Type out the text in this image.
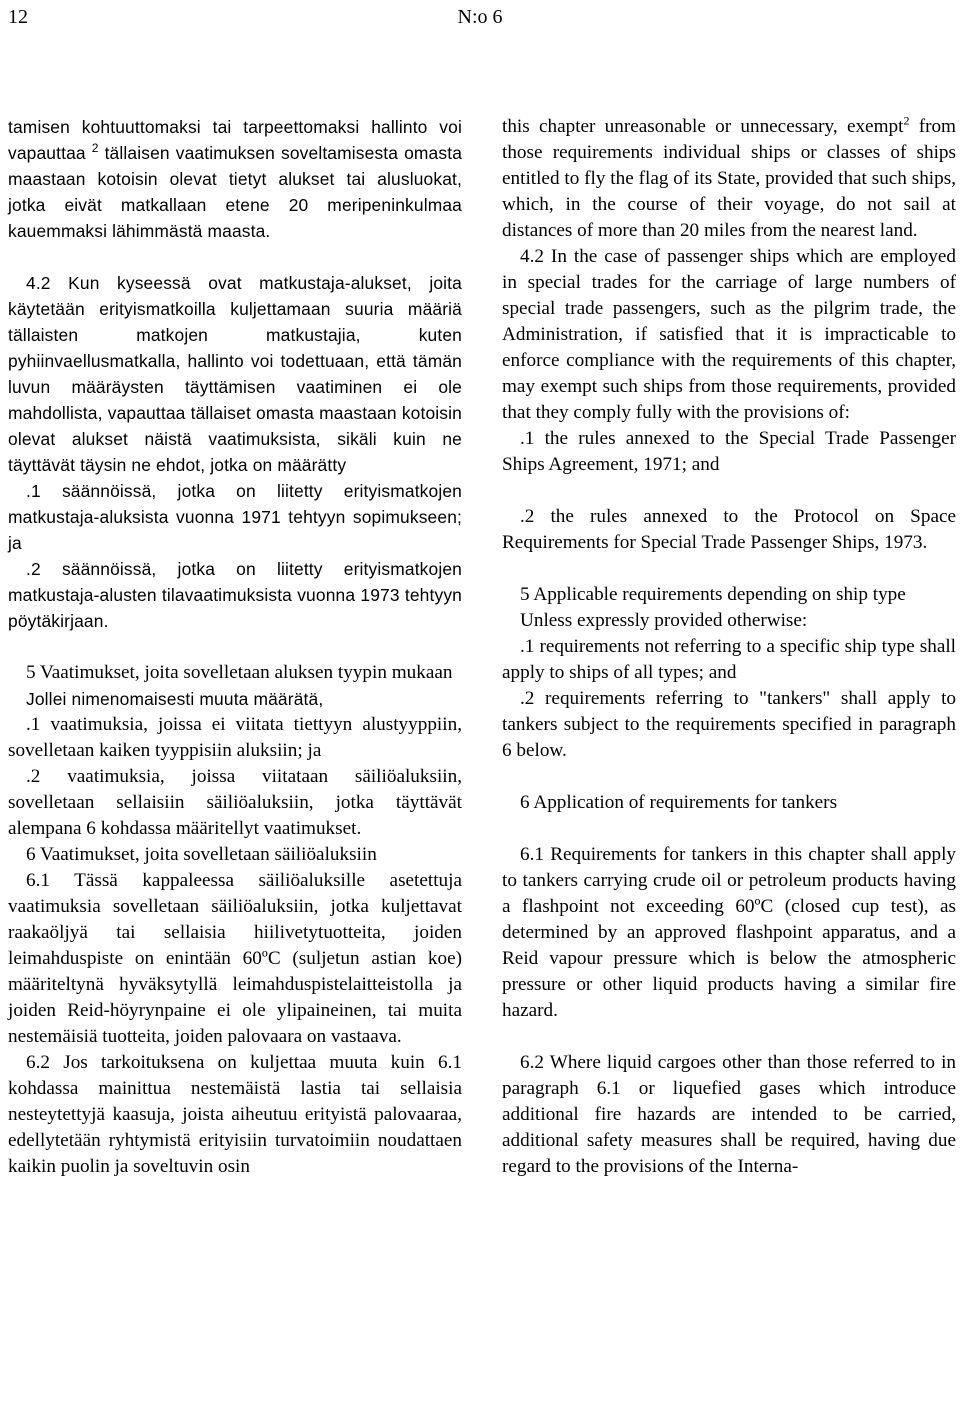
12	N:o 6

tamisen kohtuuttomaksi tai tarpeettomaksi hallinto voi vapauttaa $^2$ tällaisen vaatimuksen soveltamisesta omasta maastaan kotoisin olevat tietyt alukset tai alusluokat, jotka eivät matkallaan etene 20 meripeninkulmaa kauemmaksi lähimmästä maasta.

4.2 Kun kyseessä ovat matkustaja-alukset, joita käytetään erityismatkoilla kuljettamaan suuria määriä tällaisten matkojen matkustajia, kuten pyhiinvaellusmatkalla, hallinto voi todettuaan, että tämän luvun määräysten täyttämisen vaatiminen ei ole mahdollista, vapauttaa tällaiset omasta maastaan kotoisin olevat alukset näistä vaatimuksista, sikäli kuin ne täyttävät täysin ne ehdot, jotka on määrätty

.1 säännöissä, jotka on liitetty erityismatkojen matkustaja-aluksista vuonna 1971 tehtyyn sopimukseen; ja

.2 säännöissä, jotka on liitetty erityismatkojen matkustaja-alusten tilavaatimuksista vuonna 1973 tehtyyn pöytäkirjaan.

5 Vaatimukset, joita sovelletaan aluksen tyypin mukaan

Jollei nimenomaisesti muuta määrätä,

.1 vaatimuksia, joissa ei viitata tiettyyn alustyyppiin, sovelletaan kaiken tyyppisiin aluksiin; ja

.2 vaatimuksia, joissa viitataan säiliöaluksiin, sovelletaan sellaisiin säiliöaluksiin, jotka täyttävät alempana 6 kohdassa määritellyt vaatimukset.

6 Vaatimukset, joita sovelletaan säiliöaluksiin

6.1 Tässä kappaleessa säiliöaluksille asetettuja vaatimuksia sovelletaan säiliöaluksiin, jotka kuljettavat raakaöljyä tai sellaisia hiilivetytuotteita, joiden leimahduspiste on enintään 60ºC (suljetun astian koe) määriteltynä hyväksytyllä leimahduspistelaitteistolla ja joiden Reid-höyrynpaine ei ole ylipaineinen, tai muita nestemäisiä tuotteita, joiden palovaara on vastaava.

6.2 Jos tarkoituksena on kuljettaa muuta kuin 6.1 kohdassa mainittua nestemäistä lastia tai sellaisia nesteytettyjä kaasuja, joista aiheutuu erityistä palovaaraa, edellytetään ryhtymistä erityisiin turvatoimiin noudattaen kaikin puolin ja soveltuvin osin

this chapter unreasonable or unnecessary, exempt$^2$ from those requirements individual ships or classes of ships entitled to fly the flag of its State, provided that such ships, which, in the course of their voyage, do not sail at distances of more than 20 miles from the nearest land.

4.2 In the case of passenger ships which are employed in special trades for the carriage of large numbers of special trade passengers, such as the pilgrim trade, the Administration, if satisfied that it is impracticable to enforce compliance with the requirements of this chapter, may exempt such ships from those requirements, provided that they comply fully with the provisions of:

.1 the rules annexed to the Special Trade Passenger Ships Agreement, 1971; and

.2 the rules annexed to the Protocol on Space Requirements for Special Trade Passenger Ships, 1973.

5 Applicable requirements depending on ship type

Unless expressly provided otherwise:

.1 requirements not referring to a specific ship type shall apply to ships of all types; and

.2 requirements referring to "tankers" shall apply to tankers subject to the requirements specified in paragraph 6 below.

6 Application of requirements for tankers

6.1 Requirements for tankers in this chapter shall apply to tankers carrying crude oil or petroleum products having a flashpoint not exceeding 60ºC (closed cup test), as determined by an approved flashpoint apparatus, and a Reid vapour pressure which is below the atmospheric pressure or other liquid products having a similar fire hazard.

6.2 Where liquid cargoes other than those referred to in paragraph 6.1 or liquefied gases which introduce additional fire hazards are intended to be carried, additional safety measures shall be required, having due regard to the provisions of the Interna-
